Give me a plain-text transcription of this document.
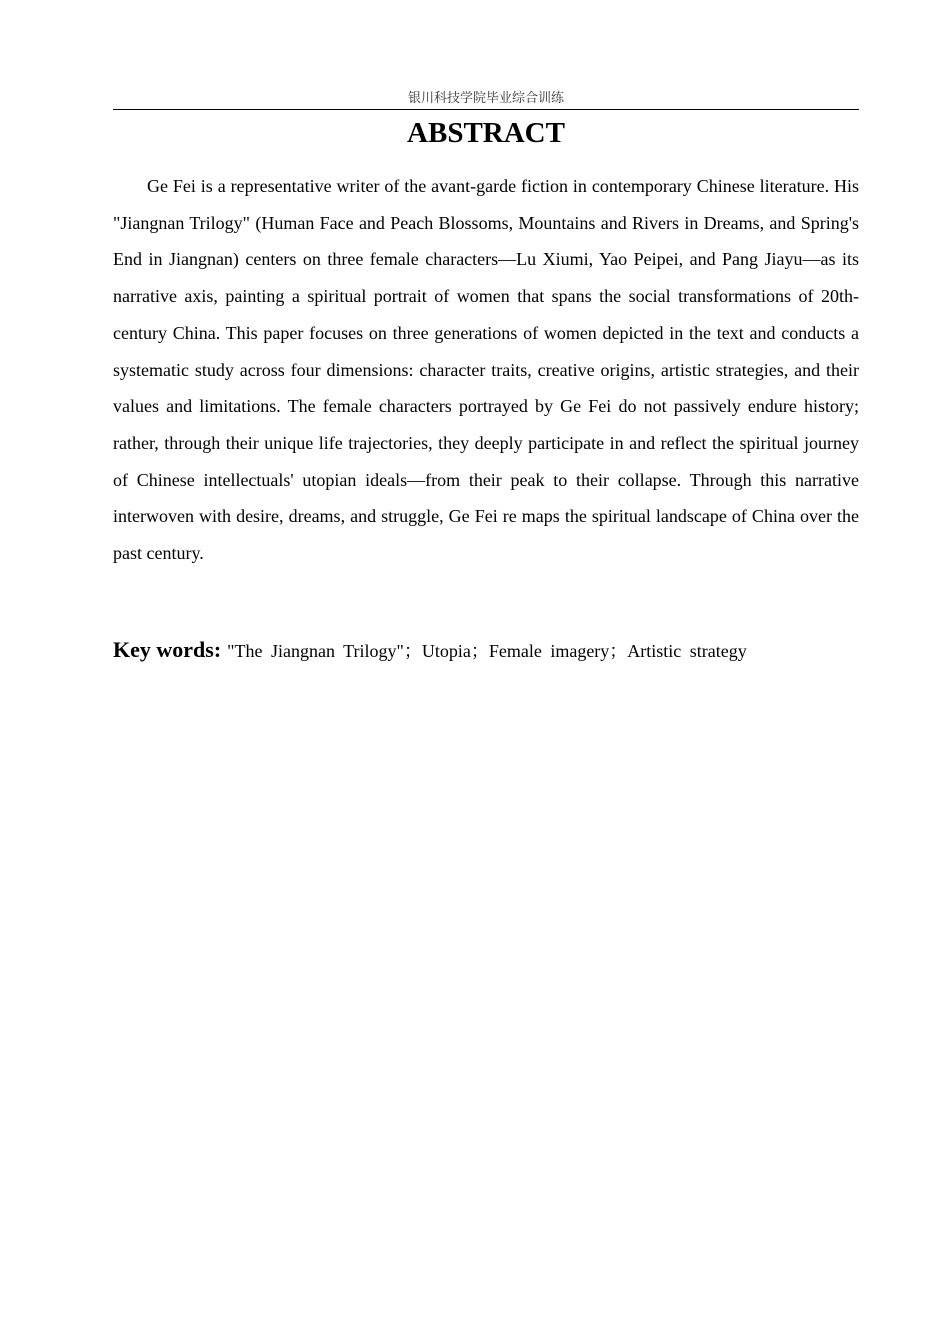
银川科技学院毕业综合训练
ABSTRACT

Ge Fei is a representative writer of the avant-garde fiction in contemporary Chinese literature. His "Jiangnan Trilogy" (Human Face and Peach Blossoms, Mountains and Rivers in Dreams, and Spring's End in Jiangnan) centers on three female characters—Lu Xiumi, Yao Peipei, and Pang Jiayu—as its narrative axis, painting a spiritual portrait of women that spans the social transformations of 20th-century China. This paper focuses on three generations of women depicted in the text and conducts a systematic study across four dimensions: character traits, creative origins, artistic strategies, and their values and limitations. The female characters portrayed by Ge Fei do not passively endure history; rather, through their unique life trajectories, they deeply participate in and reflect the spiritual journey of Chinese intellectuals' utopian ideals—from their peak to their collapse. Through this narrative interwoven with desire, dreams, and struggle, Ge Fei re maps the spiritual landscape of China over the past century.

Key words: "The Jiangnan Trilogy"；Utopia；Female imagery；Artistic strategy
